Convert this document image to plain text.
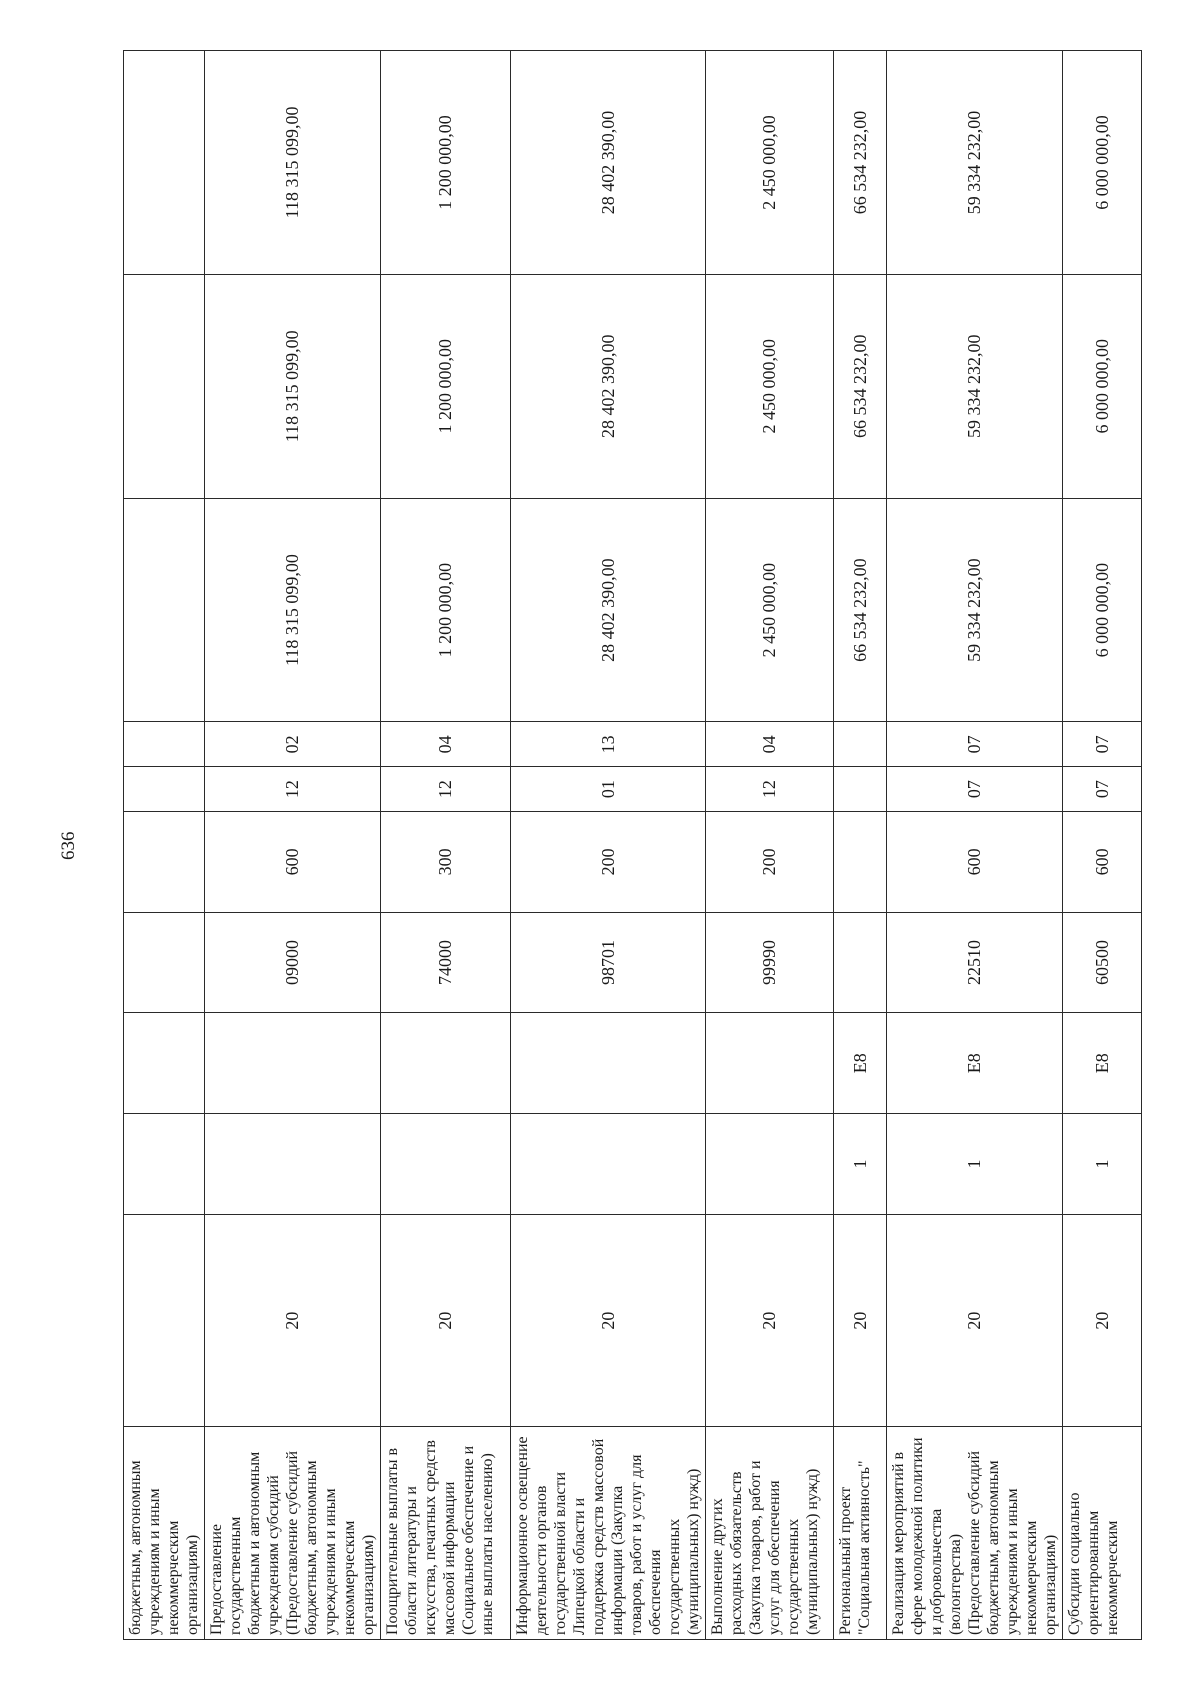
636
бюджетным, автономным учреждениям и иным некоммерческим организациям)										
Предоставление государственным бюджетным и автономным учреждениям субсидий (Предоставление субсидий бюджетным, автономным учреждениям и иным некоммерческим организациям)	20			09000	600	12	02	118 315 099,00	118 315 099,00	118 315 099,00
Поощрительные выплаты в области литературы и искусства, печатных средств массовой информации (Социальное обеспечение и иные выплаты населению)	20			74000	300	12	04	1 200 000,00	1 200 000,00	1 200 000,00
Информационное освещение деятельности органов государственной власти Липецкой области и поддержка средств массовой информации (Закупка товаров, работ и услуг для обеспечения государственных (муниципальных) нужд)	20			98701	200	01	13	28 402 390,00	28 402 390,00	28 402 390,00
Выполнение других расходных обязательств (Закупка товаров, работ и услуг для обеспечения государственных (муниципальных) нужд)	20			99990	200	12	04	2 450 000,00	2 450 000,00	2 450 000,00
Региональный проект "Социальная активность"	20	1	E8					66 534 232,00	66 534 232,00	66 534 232,00
Реализация мероприятий в сфере молодежной политики и добровольчества (волонтерства) (Предоставление субсидий бюджетным, автономным учреждениям и иным некоммерческим организациям)	20	1	E8	22510	600	07	07	59 334 232,00	59 334 232,00	59 334 232,00
Субсидии социально ориентированным некоммерческим	20	1	E8	60500	600	07	07	6 000 000,00	6 000 000,00	6 000 000,00
